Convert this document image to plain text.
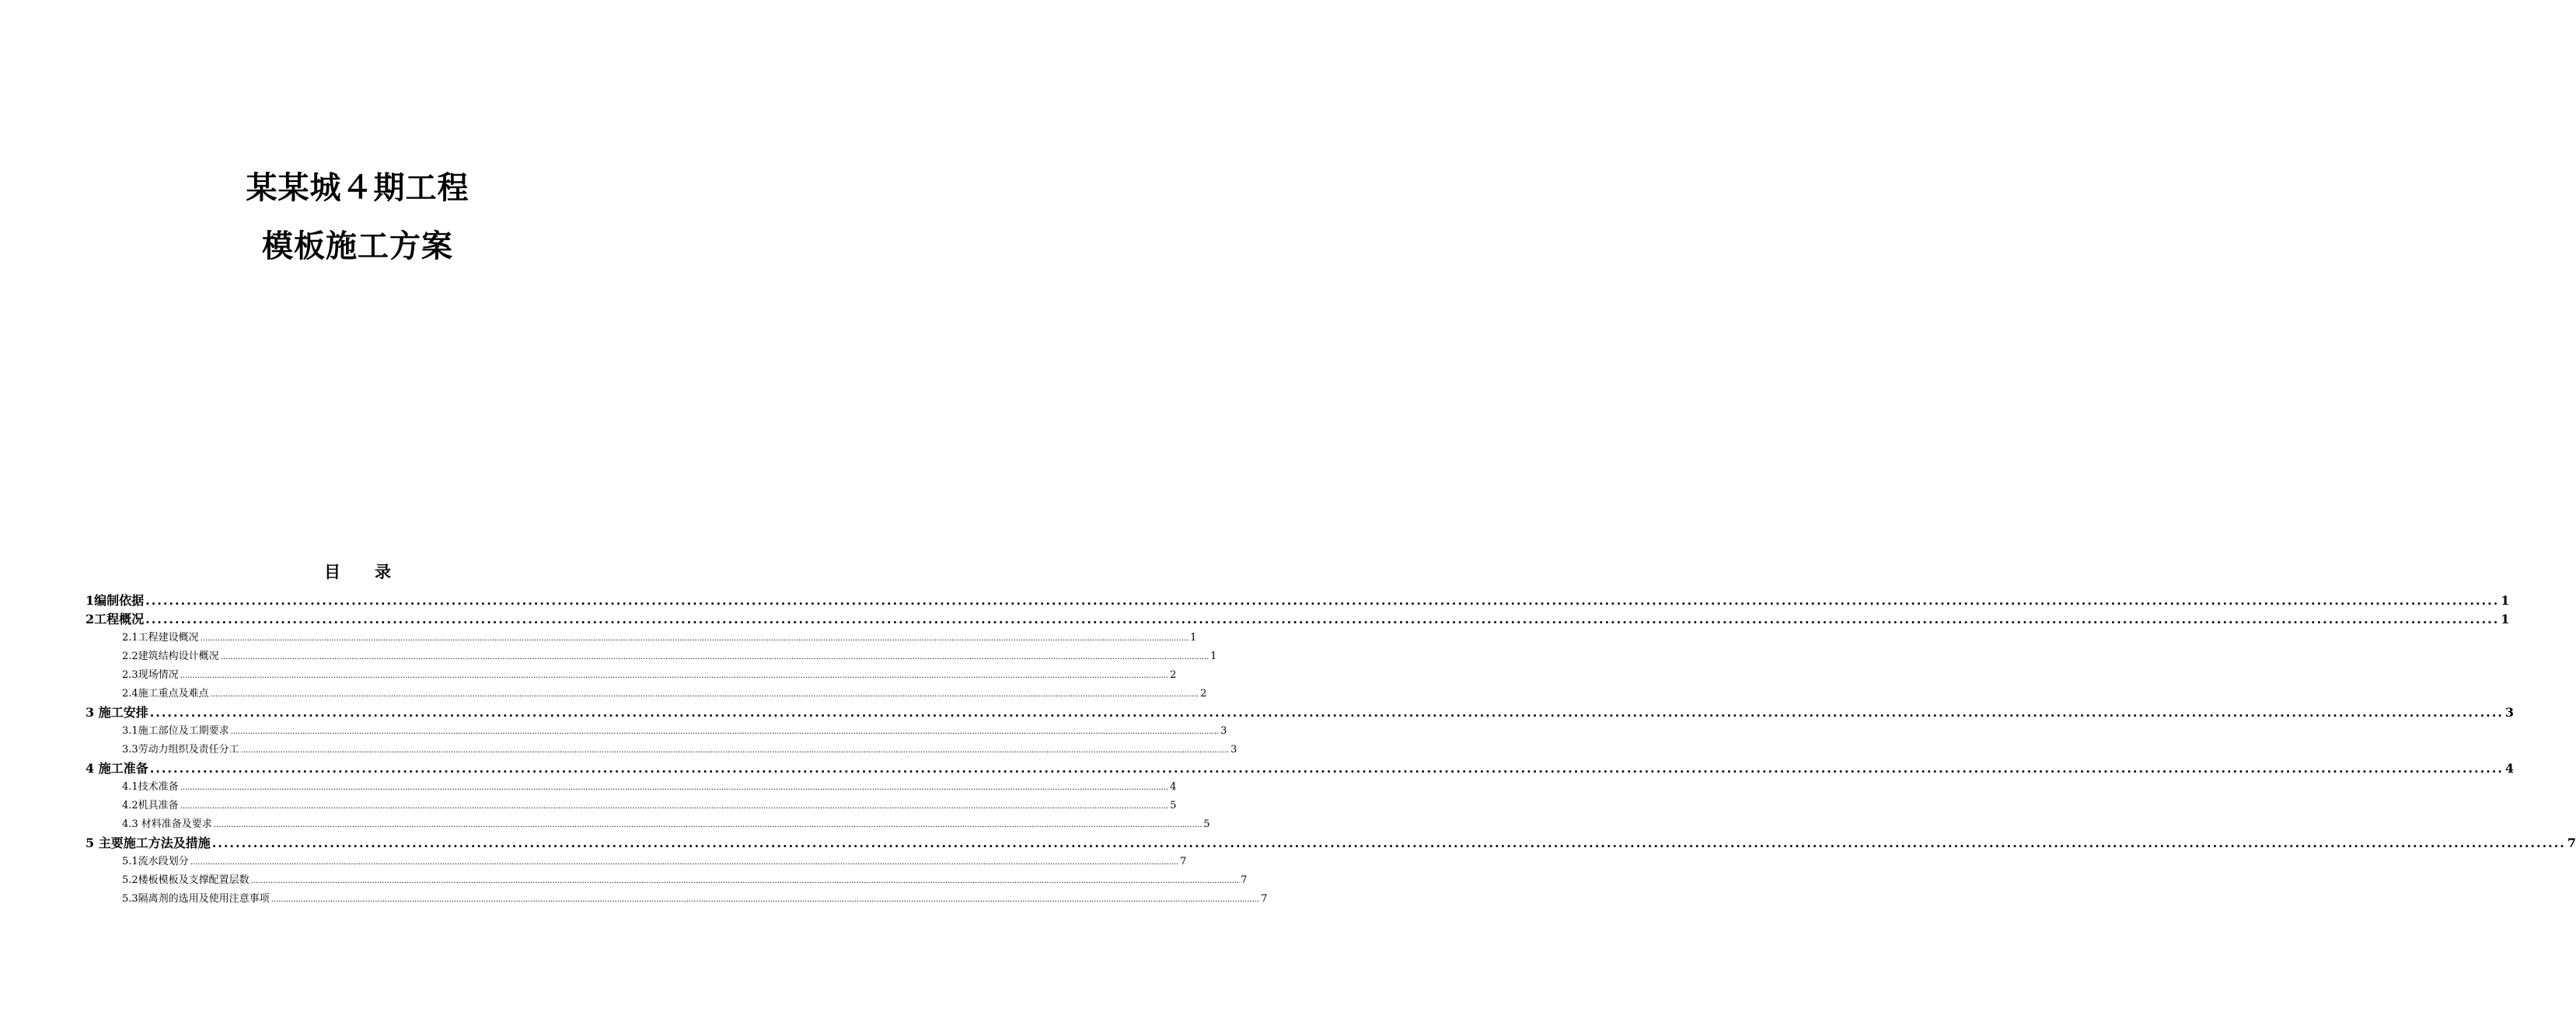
某某城４期工程
模板施工方案
目 录
1编制依据 ................................................................................................................................................................................................................................................................................................................................................................................................................ 1
2工程概况 ................................................................................................................................................................................................................................................................................................................................................................................................................ 1
2.1工程建设概况 ................................................................................................................................................................................................................................................................................................................................................................................................................ 1
2.2建筑结构设计概况 ................................................................................................................................................................................................................................................................................................................................................................................................................ 1
2.3现场情况 ................................................................................................................................................................................................................................................................................................................................................................................................................ 2
2.4施工重点及难点 ................................................................................................................................................................................................................................................................................................................................................................................................................ 2
3 施工安排 ................................................................................................................................................................................................................................................................................................................................................................................................................ 3
3.1施工部位及工期要求 ................................................................................................................................................................................................................................................................................................................................................................................................................ 3
3.3劳动力组织及责任分工 ................................................................................................................................................................................................................................................................................................................................................................................................................ 3
4 施工准备 ................................................................................................................................................................................................................................................................................................................................................................................................................ 4
4.1技术准备 ................................................................................................................................................................................................................................................................................................................................................................................................................ 4
4.2机具准备 ................................................................................................................................................................................................................................................................................................................................................................................................................ 5
4.3 材料准备及要求 ................................................................................................................................................................................................................................................................................................................................................................................................................ 5
5 主要施工方法及措施 ................................................................................................................................................................................................................................................................................................................................................................................................................ 7
5.1流水段划分 ................................................................................................................................................................................................................................................................................................................................................................................................................ 7
5.2楼板模板及支撑配置层数 ................................................................................................................................................................................................................................................................................................................................................................................................................ 7
5.3隔离剂的选用及使用注意事项 ................................................................................................................................................................................................................................................................................................................................................................................................................ 7
